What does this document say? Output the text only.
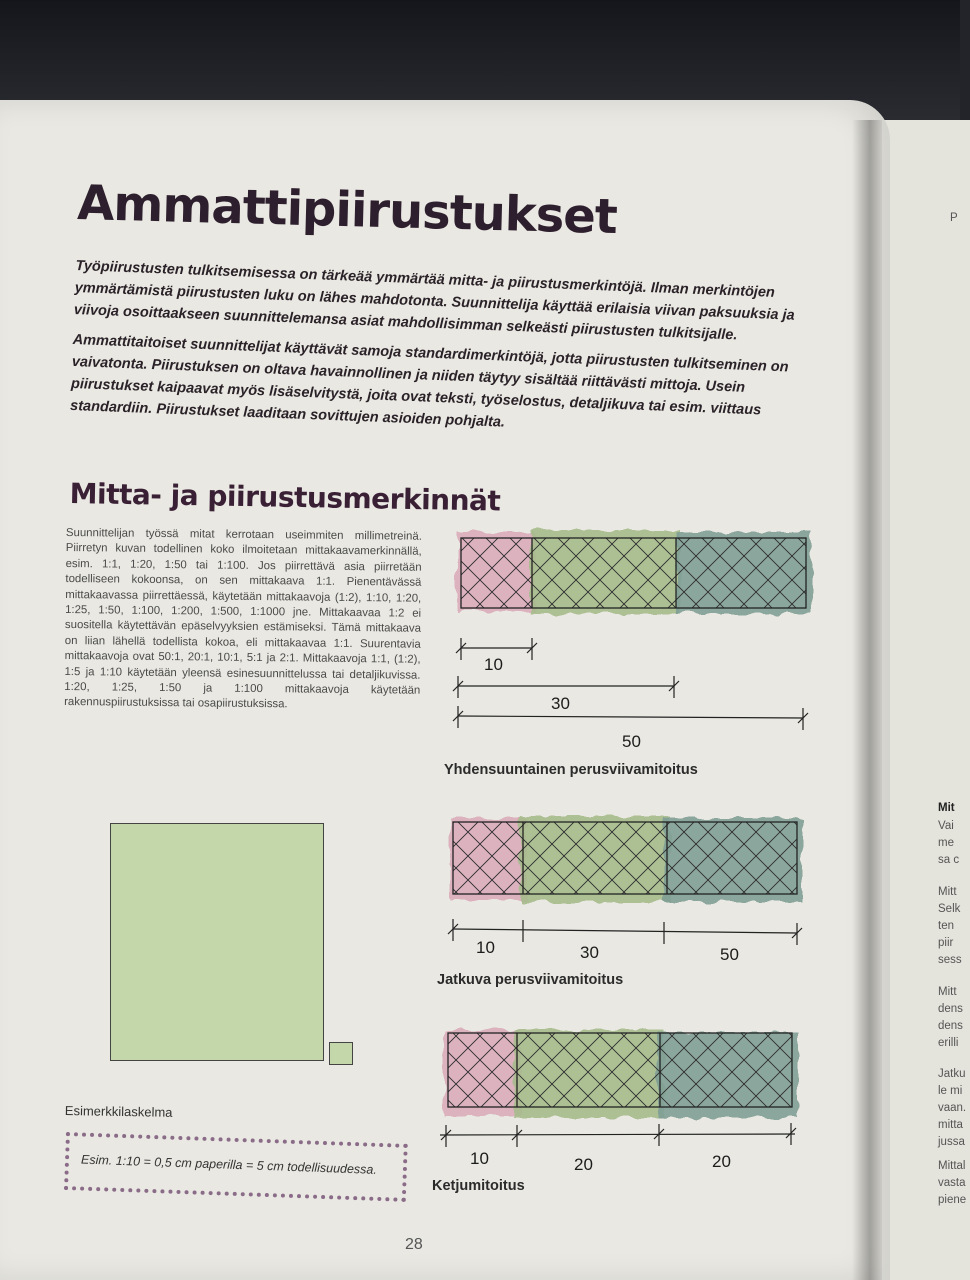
P
Mit
Vai
me
sa c
Mitt
Selk
ten
piir
sess
Mitt
dens
dens
erilli
Jatku
le mi
vaan.
mitta
jussa
Mittal
vasta
piene
Ammattipiirustukset

Työpiirustusten tulkitsemisessa on tärkeää ymmärtää mitta- ja piirustusmerkintöjä. Ilman merkintöjen ymmärtämistä piirustusten luku on lähes mahdotonta. Suunnittelija käyttää erilaisia viivan paksuuksia ja viivoja osoittaakseen suunnittelemansa asiat mahdollisimman selkeästi piirustusten tulkitsijalle.

Ammattitaitoiset suunnittelijat käyttävät samoja standardimerkintöjä, jotta piirustusten tulkitseminen on vaivatonta. Piirustuksen on oltava havainnollinen ja niiden täytyy sisältää riittävästi mittoja. Usein piirustukset kaipaavat myös lisäselvitystä, joita ovat teksti, työselostus, detaljikuva tai esim. viittaus standardiin. Piirustukset laaditaan sovittujen asioiden pohjalta.

Mitta- ja piirustusmerkinnät
Suunnittelijan työssä mitat kerrotaan useimmiten millimetreinä. Piirretyn kuvan todellinen koko ilmoitetaan mittakaavamerkinnällä, esim. 1:1, 1:20, 1:50 tai 1:100. Jos piirrettävä asia piirretään todelliseen kokoonsa, on sen mittakaava 1:1. Pienentävässä mittakaavassa piirrettäessä, käytetään mittakaavoja (1:2), 1:10, 1:20, 1:25, 1:50, 1:100, 1:200, 1:500, 1:1000 jne. Mittakaavaa 1:2 ei suositella käytettävän epäselvyyksien estämiseksi. Tämä mittakaava on liian lähellä todellista kokoa, eli mittakaavaa 1:1. Suurentavia mittakaavoja ovat 50:1, 20:1, 10:1, 5:1 ja 2:1. Mittakaavoja 1:1, (1:2), 1:5 ja 1:10 käytetään yleensä esinesuunnittelussa tai detaljikuvissa. 1:20, 1:25, 1:50 ja 1:100 mittakaavoja käytetään rakennuspiirustuksissa tai osapiirustuksissa.
Esimerkkilaskelma
Esim. 1:10 = 0,5 cm paperilla = 5 cm todellisuudessa.
28
10
30
50
Yhdensuuntainen perusviivamitoitus
10	30	50
Jatkuva perusviivamitoitus
10	20	20
Ketjumitoitus
